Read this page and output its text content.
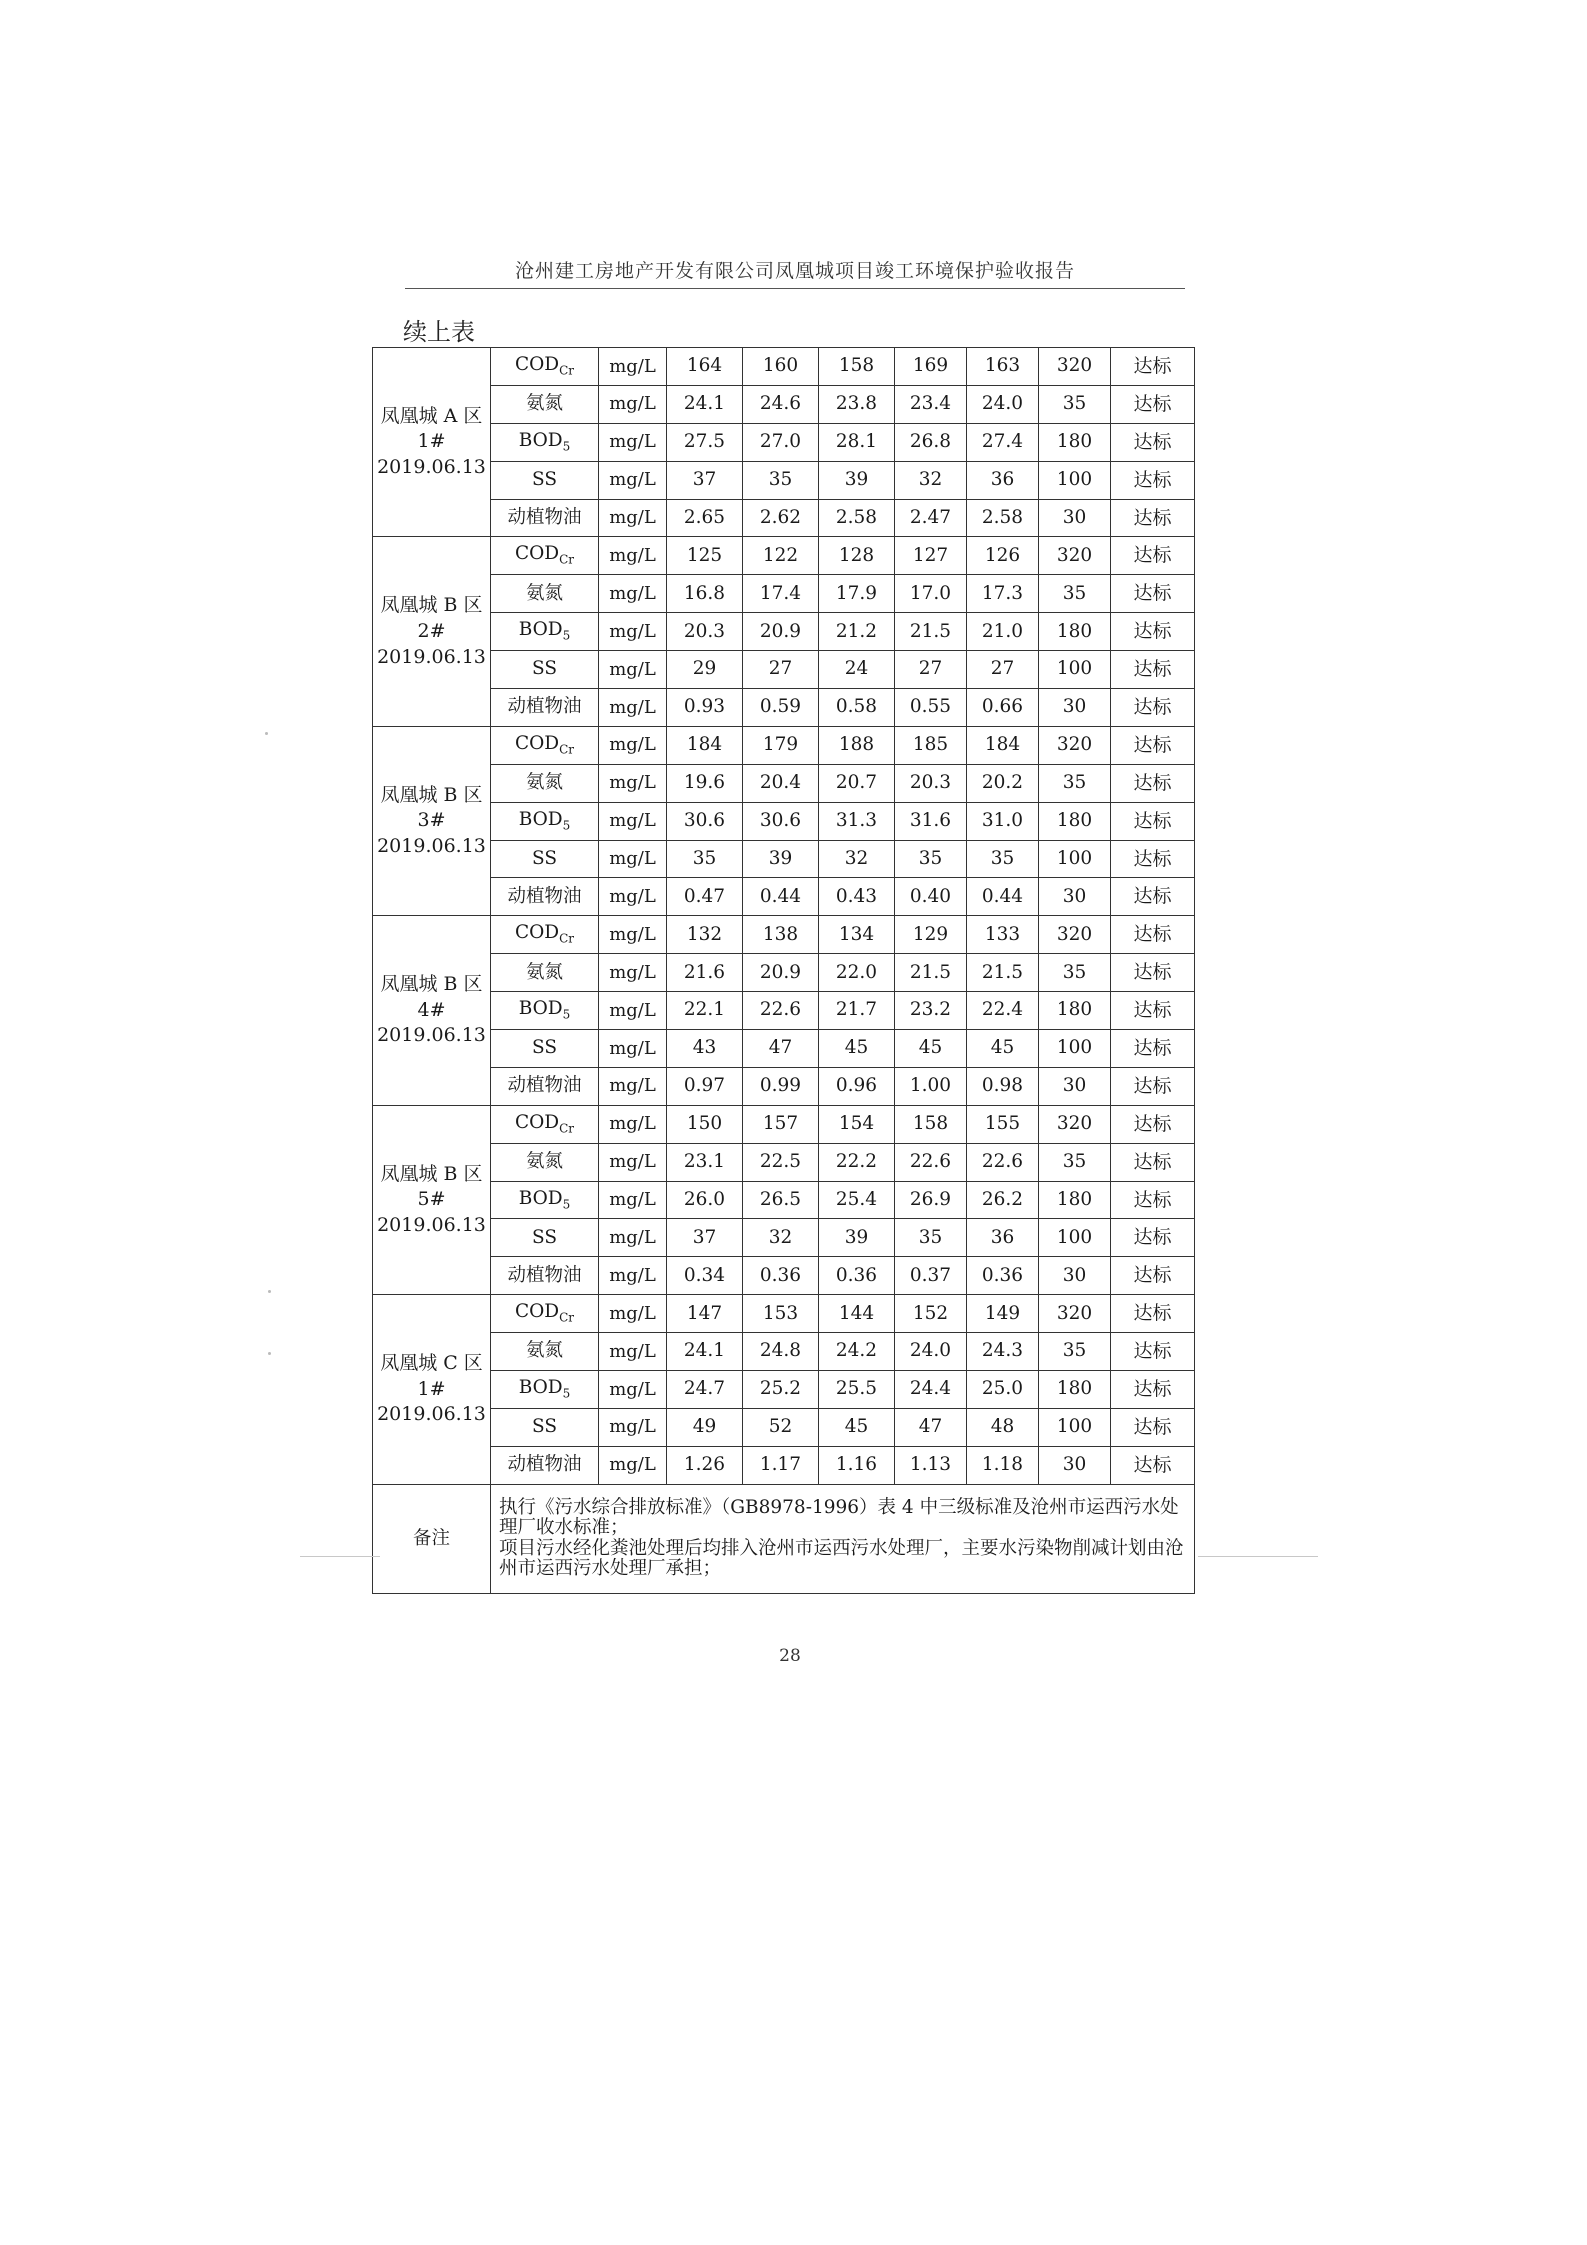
沧州建工房地产开发有限公司凤凰城项目竣工环境保护验收报告
续上表
凤凰城 A 区
1#
2019.06.13	$COD_{Cr}$	mg/L	164	160	158	169	163	320	达标
	氨氮	mg/L	24.1	24.6	23.8	23.4	24.0	35	达标
	$BOD_5$	mg/L	27.5	27.0	28.1	26.8	27.4	180	达标
	SS	mg/L	37	35	39	32	36	100	达标
	动植物油	mg/L	2.65	2.62	2.58	2.47	2.58	30	达标

凤凰城 B 区
2#
2019.06.13	$COD_{Cr}$	mg/L	125	122	128	127	126	320	达标
	氨氮	mg/L	16.8	17.4	17.9	17.0	17.3	35	达标
	$BOD_5$	mg/L	20.3	20.9	21.2	21.5	21.0	180	达标
	SS	mg/L	29	27	24	27	27	100	达标
	动植物油	mg/L	0.93	0.59	0.58	0.55	0.66	30	达标

凤凰城 B 区
3#
2019.06.13	$COD_{Cr}$	mg/L	184	179	188	185	184	320	达标
	氨氮	mg/L	19.6	20.4	20.7	20.3	20.2	35	达标
	$BOD_5$	mg/L	30.6	30.6	31.3	31.6	31.0	180	达标
	SS	mg/L	35	39	32	35	35	100	达标
	动植物油	mg/L	0.47	0.44	0.43	0.40	0.44	30	达标

凤凰城 B 区
4#
2019.06.13	$COD_{Cr}$	mg/L	132	138	134	129	133	320	达标
	氨氮	mg/L	21.6	20.9	22.0	21.5	21.5	35	达标
	$BOD_5$	mg/L	22.1	22.6	21.7	23.2	22.4	180	达标
	SS	mg/L	43	47	45	45	45	100	达标
	动植物油	mg/L	0.97	0.99	0.96	1.00	0.98	30	达标

凤凰城 B 区
5#
2019.06.13	$COD_{Cr}$	mg/L	150	157	154	158	155	320	达标
	氨氮	mg/L	23.1	22.5	22.2	22.6	22.6	35	达标
	$BOD_5$	mg/L	26.0	26.5	25.4	26.9	26.2	180	达标
	SS	mg/L	37	32	39	35	36	100	达标
	动植物油	mg/L	0.34	0.36	0.36	0.37	0.36	30	达标

凤凰城 C 区
1#
2019.06.13	$COD_{Cr}$	mg/L	147	153	144	152	149	320	达标
	氨氮	mg/L	24.1	24.8	24.2	24.0	24.3	35	达标
	$BOD_5$	mg/L	24.7	25.2	25.5	24.4	25.0	180	达标
	SS	mg/L	49	52	45	47	48	100	达标
	动植物油	mg/L	1.26	1.17	1.16	1.13	1.18	30	达标
备注	执行《污水综合排放标准》（GB8978-1996）表 4 中三级标准及沧州市运西污水处理厂收水标准；
项目污水经化粪池处理后均排入沧州市运西污水处理厂，主要水污染物削减计划由沧州市运西污水处理厂承担；								
28
